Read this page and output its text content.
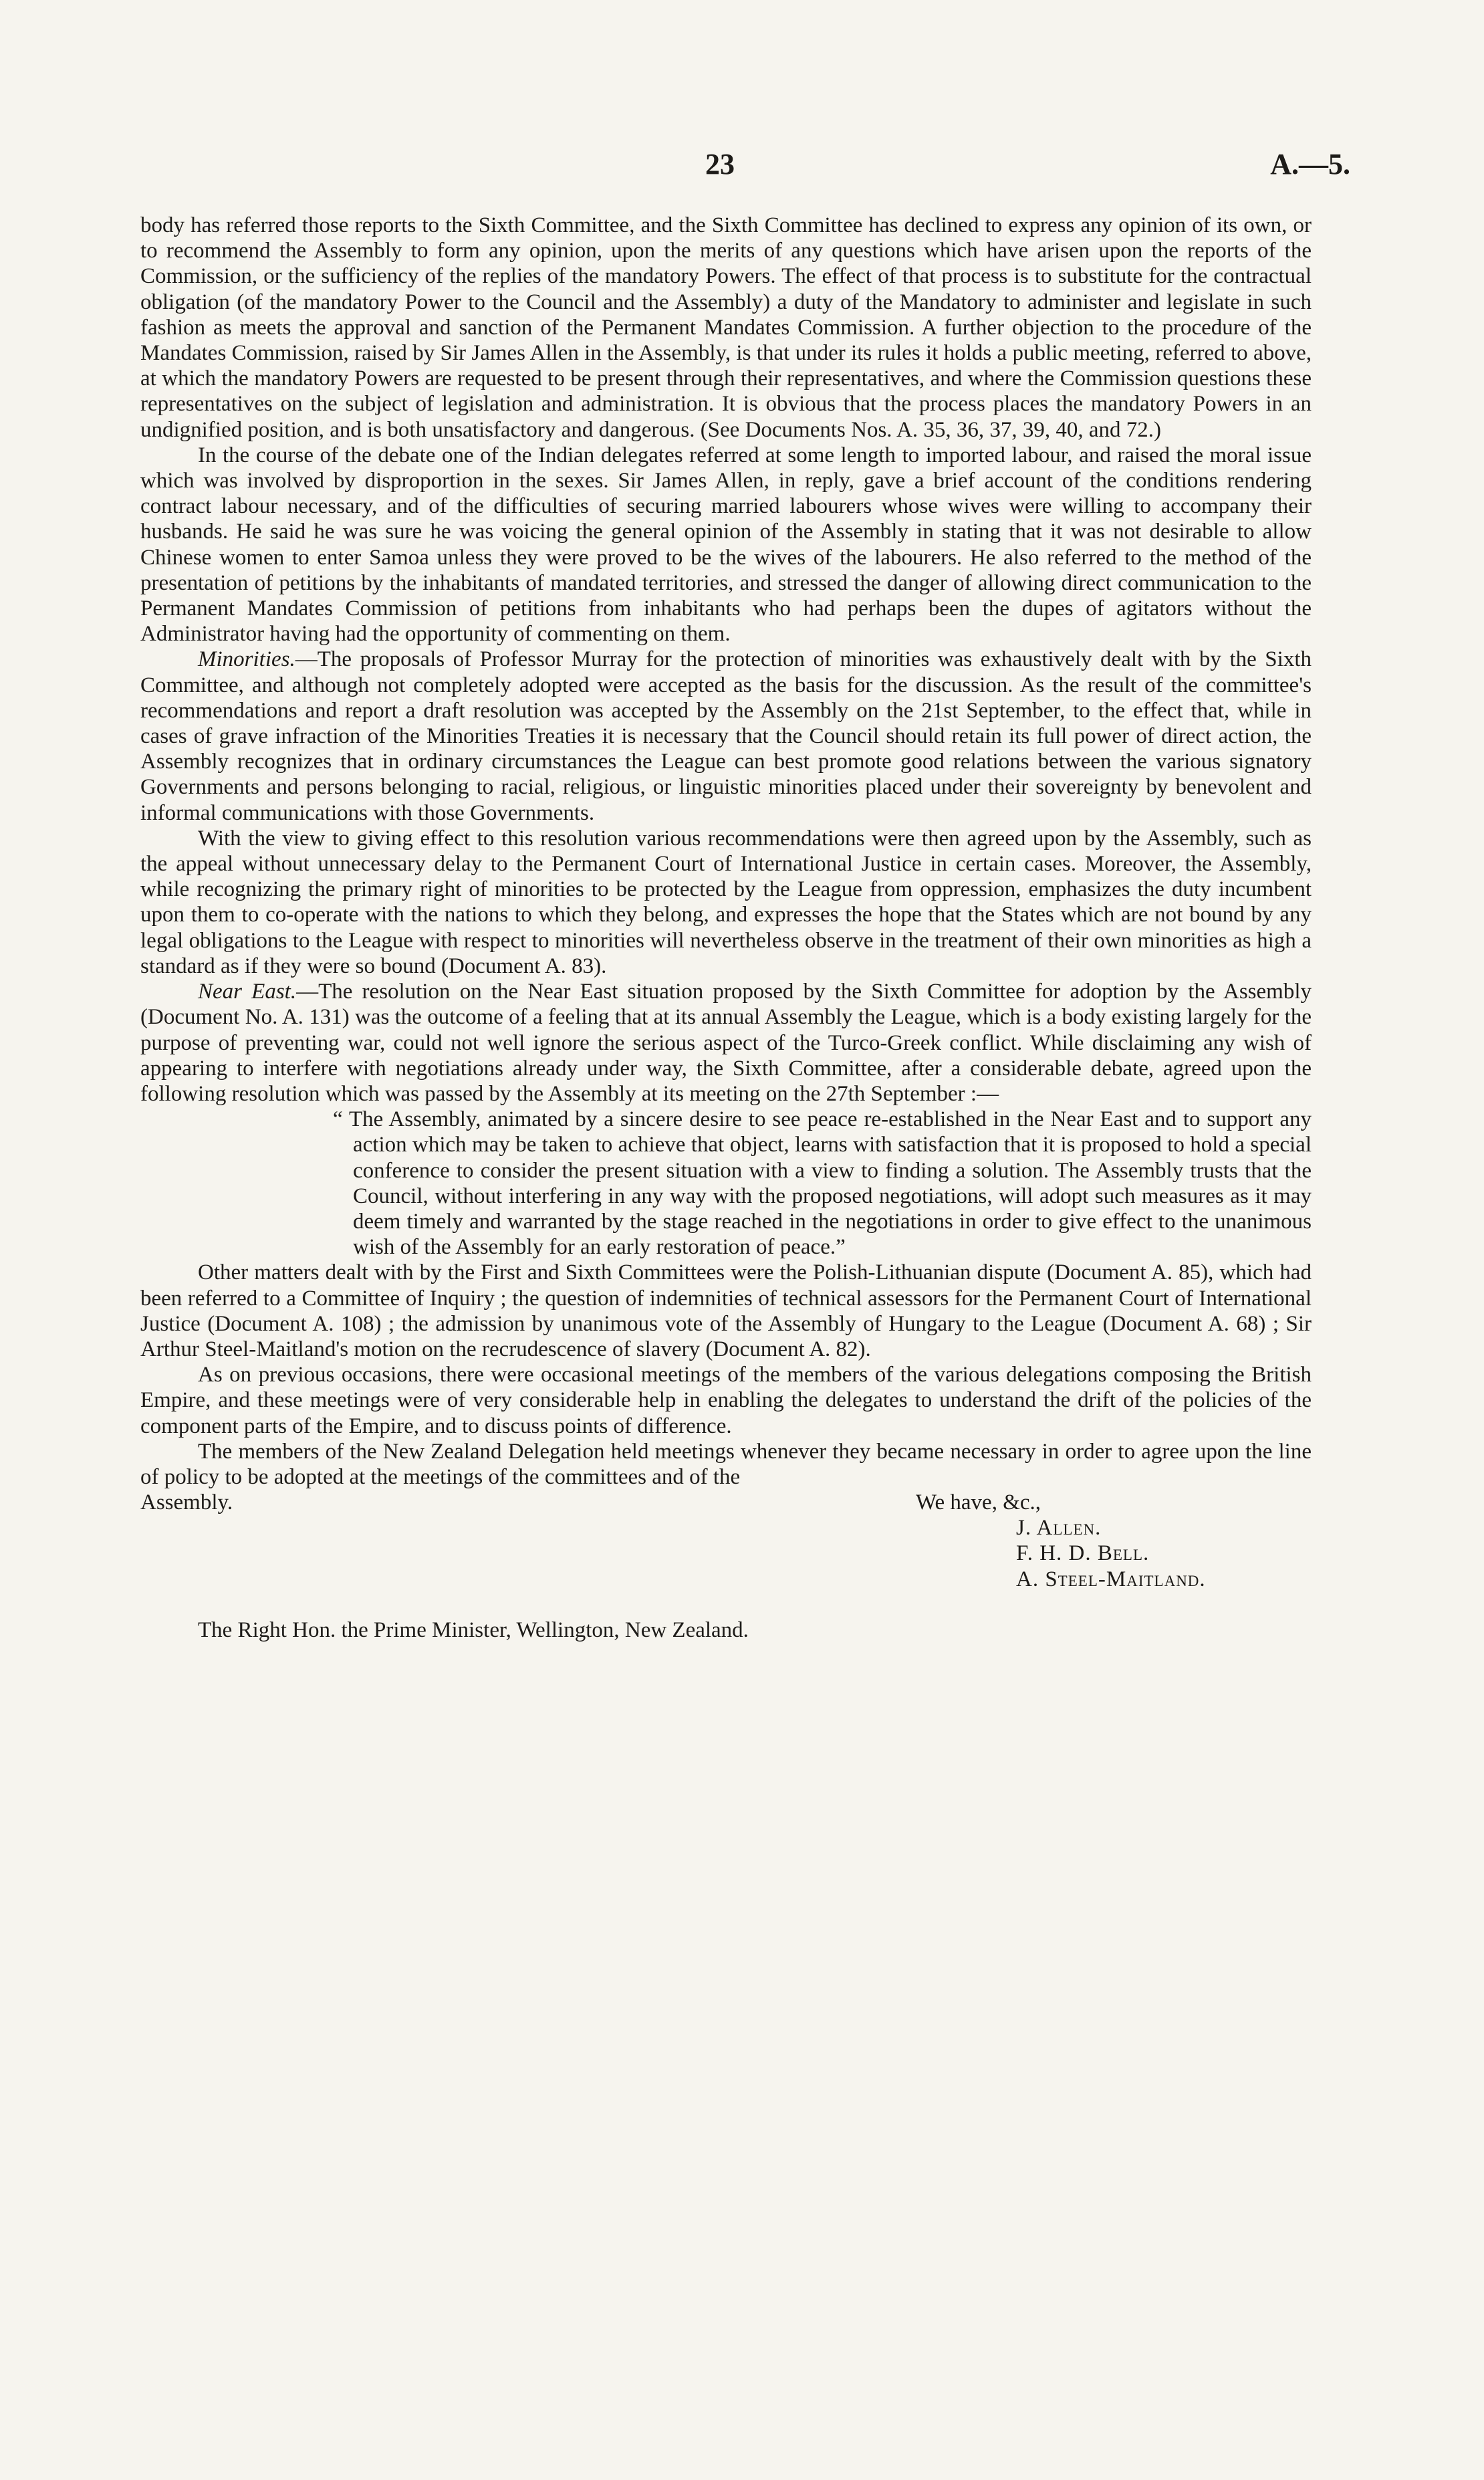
23	A.—5.

body has referred those reports to the Sixth Committee, and the Sixth Committee has declined to express any opinion of its own, or to recommend the Assembly to form any opinion, upon the merits of any questions which have arisen upon the reports of the Commission, or the sufficiency of the replies of the mandatory Powers. The effect of that process is to substitute for the contractual obligation (of the mandatory Power to the Council and the Assembly) a duty of the Mandatory to administer and legislate in such fashion as meets the approval and sanction of the Permanent Mandates Commission. A further objection to the procedure of the Mandates Commission, raised by Sir James Allen in the Assembly, is that under its rules it holds a public meeting, referred to above, at which the mandatory Powers are requested to be present through their representatives, and where the Commission questions these representatives on the subject of legislation and administration. It is obvious that the process places the mandatory Powers in an undignified position, and is both unsatisfactory and dangerous. (See Documents Nos. A. 35, 36, 37, 39, 40, and 72.)

In the course of the debate one of the Indian delegates referred at some length to imported labour, and raised the moral issue which was involved by disproportion in the sexes. Sir James Allen, in reply, gave a brief account of the conditions rendering contract labour necessary, and of the difficulties of securing married labourers whose wives were willing to accompany their husbands. He said he was sure he was voicing the general opinion of the Assembly in stating that it was not desirable to allow Chinese women to enter Samoa unless they were proved to be the wives of the labourers. He also referred to the method of the presentation of petitions by the inhabitants of mandated territories, and stressed the danger of allowing direct communication to the Permanent Mandates Commission of petitions from inhabitants who had perhaps been the dupes of agitators without the Administrator having had the opportunity of commenting on them.

Minorities.—The proposals of Professor Murray for the protection of minorities was exhaustively dealt with by the Sixth Committee, and although not completely adopted were accepted as the basis for the discussion. As the result of the committee's recommendations and report a draft resolution was accepted by the Assembly on the 21st September, to the effect that, while in cases of grave infraction of the Minorities Treaties it is necessary that the Council should retain its full power of direct action, the Assembly recognizes that in ordinary circumstances the League can best promote good relations between the various signatory Governments and persons belonging to racial, religious, or linguistic minorities placed under their sovereignty by benevolent and informal communications with those Governments.

With the view to giving effect to this resolution various recommendations were then agreed upon by the Assembly, such as the appeal without unnecessary delay to the Permanent Court of International Justice in certain cases. Moreover, the Assembly, while recognizing the primary right of minorities to be protected by the League from oppression, emphasizes the duty incumbent upon them to co-operate with the nations to which they belong, and expresses the hope that the States which are not bound by any legal obligations to the League with respect to minorities will nevertheless observe in the treatment of their own minorities as high a standard as if they were so bound (Document A. 83).

Near East.—The resolution on the Near East situation proposed by the Sixth Committee for adoption by the Assembly (Document No. A. 131) was the outcome of a feeling that at its annual Assembly the League, which is a body existing largely for the purpose of preventing war, could not well ignore the serious aspect of the Turco-Greek conflict. While disclaiming any wish of appearing to interfere with negotiations already under way, the Sixth Committee, after a considerable debate, agreed upon the following resolution which was passed by the Assembly at its meeting on the 27th September :—

“ The Assembly, animated by a sincere desire to see peace re-established in the Near East and to support any action which may be taken to achieve that object, learns with satisfaction that it is proposed to hold a special conference to consider the present situation with a view to finding a solution. The Assembly trusts that the Council, without interfering in any way with the proposed negotiations, will adopt such measures as it may deem timely and warranted by the stage reached in the negotiations in order to give effect to the unanimous wish of the Assembly for an early restoration of peace.”

Other matters dealt with by the First and Sixth Committees were the Polish-Lithuanian dispute (Document A. 85), which had been referred to a Committee of Inquiry ; the question of indemnities of technical assessors for the Permanent Court of International Justice (Document A. 108) ; the admission by unanimous vote of the Assembly of Hungary to the League (Document A. 68) ; Sir Arthur Steel-Maitland's motion on the recrudescence of slavery (Document A. 82).

As on previous occasions, there were occasional meetings of the members of the various delegations composing the British Empire, and these meetings were of very considerable help in enabling the delegates to understand the drift of the policies of the component parts of the Empire, and to discuss points of difference.

The members of the New Zealand Delegation held meetings whenever they became necessary in order to agree upon the line of policy to be adopted at the meetings of the committees and of the

Assembly.	We have, &c.,
J. Allen.
F. H. D. Bell.
A. Steel-Maitland.
The Right Hon. the Prime Minister, Wellington, New Zealand.
